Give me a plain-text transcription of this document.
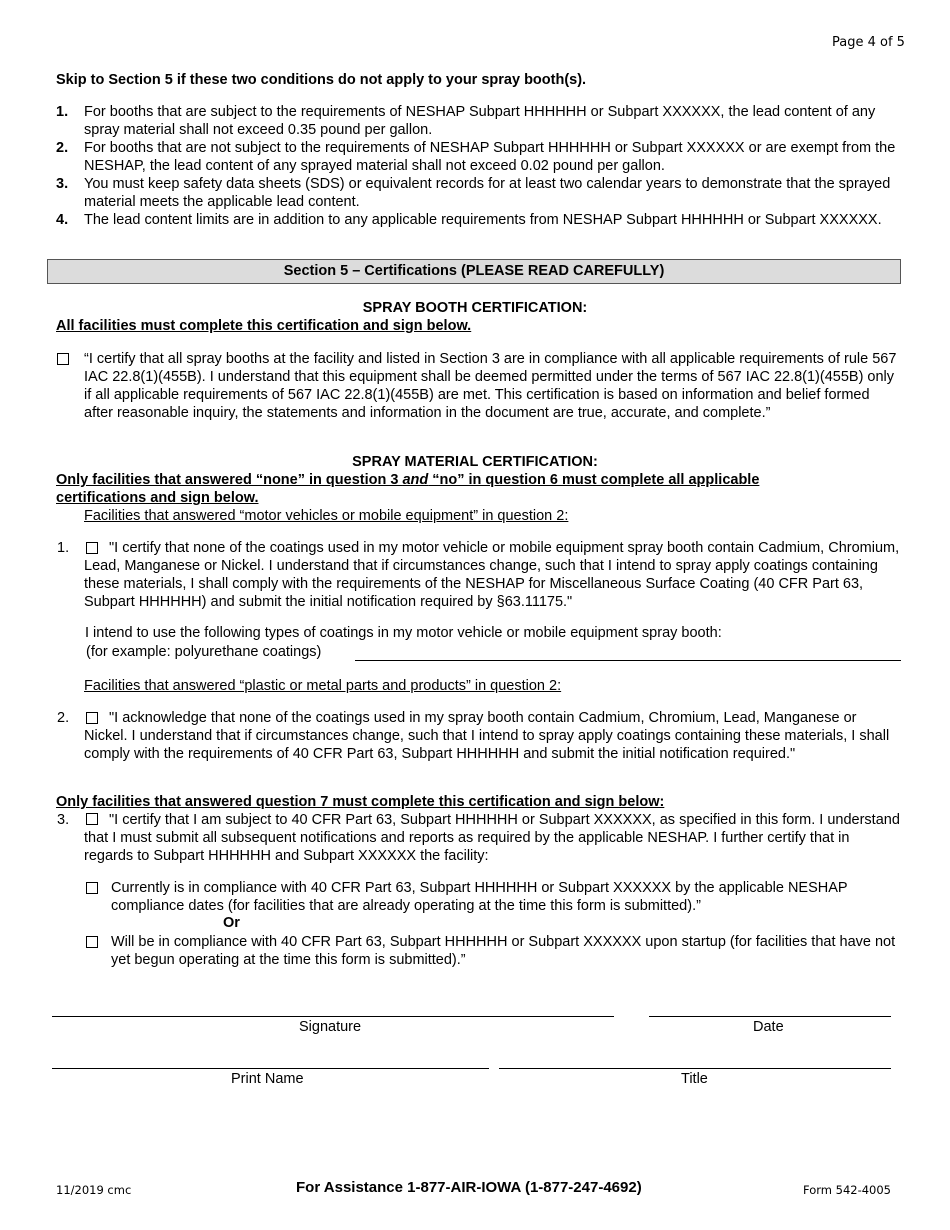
Page 4 of 5
Skip to Section 5 if these two conditions do not apply to your spray booth(s).
1. For booths that are subject to the requirements of NESHAP Subpart HHHHHH or Subpart XXXXXX, the lead content of any spray material shall not exceed 0.35 pound per gallon.
2. For booths that are not subject to the requirements of NESHAP Subpart HHHHHH or Subpart XXXXXX or are exempt from the NESHAP, the lead content of any sprayed material shall not exceed 0.02 pound per gallon.
3. You must keep safety data sheets (SDS) or equivalent records for at least two calendar years to demonstrate that the sprayed material meets the applicable lead content.
4. The lead content limits are in addition to any applicable requirements from NESHAP Subpart HHHHHH or Subpart XXXXXX.
Section 5 – Certifications (PLEASE READ CAREFULLY)
SPRAY BOOTH CERTIFICATION:
All facilities must complete this certification and sign below.
“I certify that all spray booths at the facility and listed in Section 3 are in compliance with all applicable requirements of rule 567 IAC 22.8(1)(455B). I understand that this equipment shall be deemed permitted under the terms of 567 IAC 22.8(1)(455B) only if all applicable requirements of 567 IAC 22.8(1)(455B) are met. This certification is based on information and belief formed after reasonable inquiry, the statements and information in the document are true, accurate, and complete.”
SPRAY MATERIAL CERTIFICATION:
Only facilities that answered “none” in question 3 and “no” in question 6 must complete all applicable certifications and sign below.
Facilities that answered “motor vehicles or mobile equipment” in question 2:
1.	"I certify that none of the coatings used in my motor vehicle or mobile equipment spray booth contain Cadmium, Chromium, Lead, Manganese or Nickel. I understand that if circumstances change, such that I intend to spray apply coatings containing these materials, I shall comply with the requirements of the NESHAP for Miscellaneous Surface Coating (40 CFR Part 63, Subpart HHHHHH) and submit the initial notification required by §63.11175."
I intend to use the following types of coatings in my motor vehicle or mobile equipment spray booth:
(for example: polyurethane coatings)
Facilities that answered “plastic or metal parts and products” in question 2:
2.	"I acknowledge that none of the coatings used in my spray booth contain Cadmium, Chromium, Lead, Manganese or Nickel. I understand that if circumstances change, such that I intend to spray apply coatings containing these materials, I shall comply with the requirements of 40 CFR Part 63, Subpart HHHHHH and submit the initial notification required."
Only facilities that answered question 7 must complete this certification and sign below:
3.	"I certify that I am subject to 40 CFR Part 63, Subpart HHHHHH or Subpart XXXXXX, as specified in this form. I understand that I must submit all subsequent notifications and reports as required by the applicable NESHAP. I further certify that in regards to Subpart HHHHHH and Subpart XXXXXX the facility:
Currently is in compliance with 40 CFR Part 63, Subpart HHHHHH or Subpart XXXXXX by the applicable NESHAP compliance dates (for facilities that are already operating at the time this form is submitted).”
Or
Will be in compliance with 40 CFR Part 63, Subpart HHHHHH or Subpart XXXXXX upon startup (for facilities that have not yet begun operating at the time this form is submitted).”
Signature	Date
Print Name	Title
11/2019 cmc	For Assistance 1-877-AIR-IOWA (1-877-247-4692)	Form 542-4005
